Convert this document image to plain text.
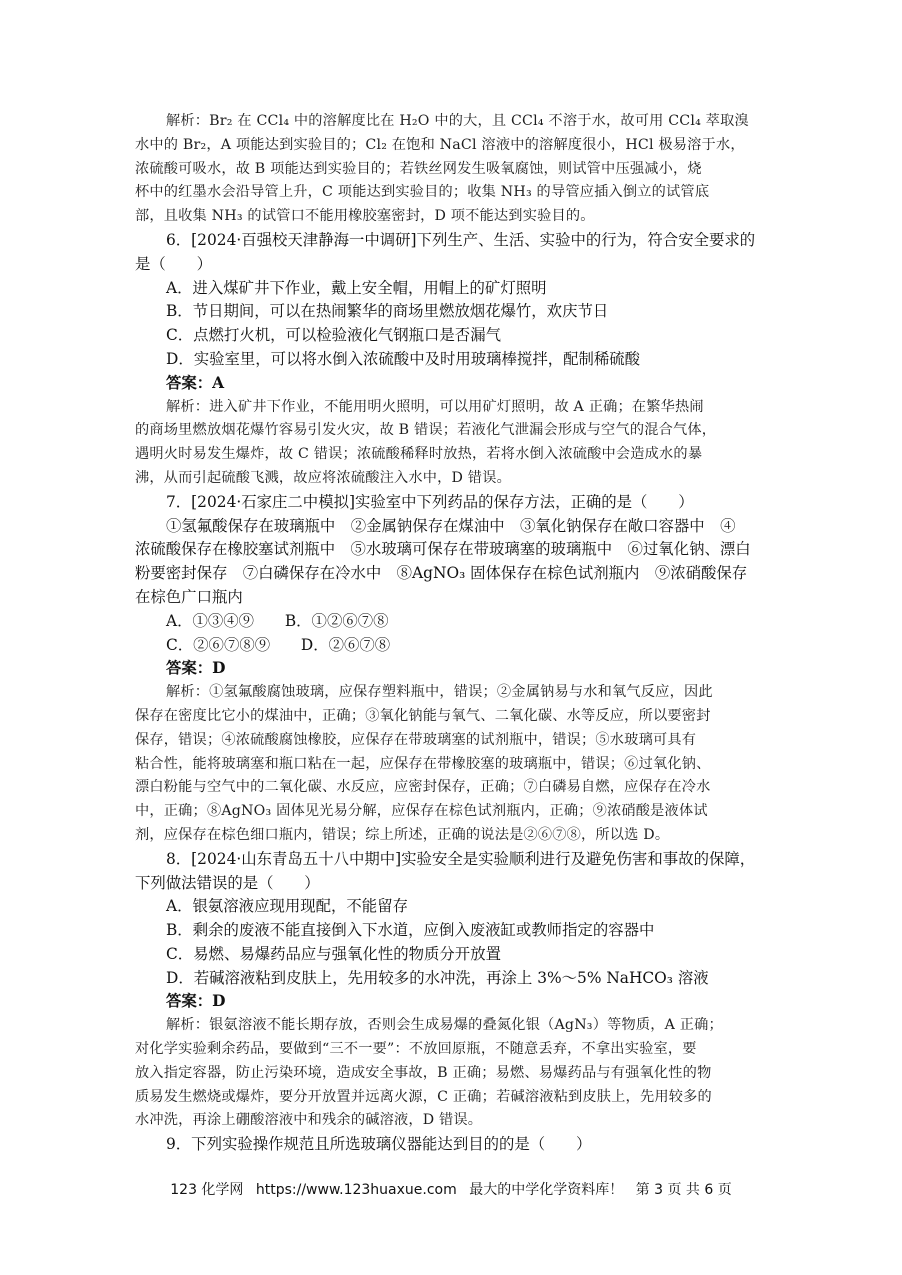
解析：Br₂ 在 CCl₄ 中的溶解度比在 H₂O 中的大，且 CCl₄ 不溶于水，故可用 CCl₄ 萃取溴

水中的 Br₂，A 项能达到实验目的；Cl₂ 在饱和 NaCl 溶液中的溶解度很小，HCl 极易溶于水，

浓硫酸可吸水，故 B 项能达到实验目的；若铁丝网发生吸氧腐蚀，则试管中压强减小，烧

杯中的红墨水会沿导管上升，C 项能达到实验目的；收集 NH₃ 的导管应插入倒立的试管底

部，且收集 NH₃ 的试管口不能用橡胶塞密封，D 项不能达到实验目的。

6．[2024·百强校天津静海一中调研]下列生产、生活、实验中的行为，符合安全要求的

是（　　）

A．进入煤矿井下作业，戴上安全帽，用帽上的矿灯照明

B．节日期间，可以在热闹繁华的商场里燃放烟花爆竹，欢庆节日

C．点燃打火机，可以检验液化气钢瓶口是否漏气

D．实验室里，可以将水倒入浓硫酸中及时用玻璃棒搅拌，配制稀硫酸

答案：A

解析：进入矿井下作业，不能用明火照明，可以用矿灯照明，故 A 正确；在繁华热闹

的商场里燃放烟花爆竹容易引发火灾，故 B 错误；若液化气泄漏会形成与空气的混合气体，

遇明火时易发生爆炸，故 C 错误；浓硫酸稀释时放热，若将水倒入浓硫酸中会造成水的暴

沸，从而引起硫酸飞溅，故应将浓硫酸注入水中，D 错误。

7．[2024·石家庄二中模拟]实验室中下列药品的保存方法，正确的是（　　）

①氢氟酸保存在玻璃瓶中　②金属钠保存在煤油中　③氧化钠保存在敞口容器中　④

浓硫酸保存在橡胶塞试剂瓶中　⑤水玻璃可保存在带玻璃塞的玻璃瓶中　⑥过氧化钠、漂白

粉要密封保存　⑦白磷保存在冷水中　⑧AgNO₃ 固体保存在棕色试剂瓶内　⑨浓硝酸保存

在棕色广口瓶内

A．①③④⑨　　B．①②⑥⑦⑧

C．②⑥⑦⑧⑨　　D．②⑥⑦⑧

答案：D

解析：①氢氟酸腐蚀玻璃，应保存塑料瓶中，错误；②金属钠易与水和氧气反应，因此

保存在密度比它小的煤油中，正确；③氧化钠能与氧气、二氧化碳、水等反应，所以要密封

保存，错误；④浓硫酸腐蚀橡胶，应保存在带玻璃塞的试剂瓶中，错误；⑤水玻璃可具有

粘合性，能将玻璃塞和瓶口粘在一起，应保存在带橡胶塞的玻璃瓶中，错误；⑥过氧化钠、

漂白粉能与空气中的二氧化碳、水反应，应密封保存，正确；⑦白磷易自燃，应保存在冷水

中，正确；⑧AgNO₃ 固体见光易分解，应保存在棕色试剂瓶内，正确；⑨浓硝酸是液体试

剂，应保存在棕色细口瓶内，错误；综上所述，正确的说法是②⑥⑦⑧，所以选 D。

8．[2024·山东青岛五十八中期中]实验安全是实验顺利进行及避免伤害和事故的保障，

下列做法错误的是（　　）

A．银氨溶液应现用现配，不能留存

B．剩余的废液不能直接倒入下水道，应倒入废液缸或教师指定的容器中

C．易燃、易爆药品应与强氧化性的物质分开放置

D．若碱溶液粘到皮肤上，先用较多的水冲洗，再涂上 3%～5% NaHCO₃ 溶液

答案：D

解析：银氨溶液不能长期存放，否则会生成易爆的叠氮化银（AgN₃）等物质，A 正确；

对化学实验剩余药品，要做到“三不一要”：不放回原瓶，不随意丢弃，不拿出实验室，要

放入指定容器，防止污染环境，造成安全事故，B 正确；易燃、易爆药品与有强氧化性的物

质易发生燃烧或爆炸，要分开放置并远离火源，C 正确；若碱溶液粘到皮肤上，先用较多的

水冲洗，再涂上硼酸溶液中和残余的碱溶液，D 错误。

9．下列实验操作规范且所选玻璃仪器能达到目的的是（　　）

123 化学网 https://www.123huaxue.com 最大的中学化学资料库！ 第 3 页 共 6 页
